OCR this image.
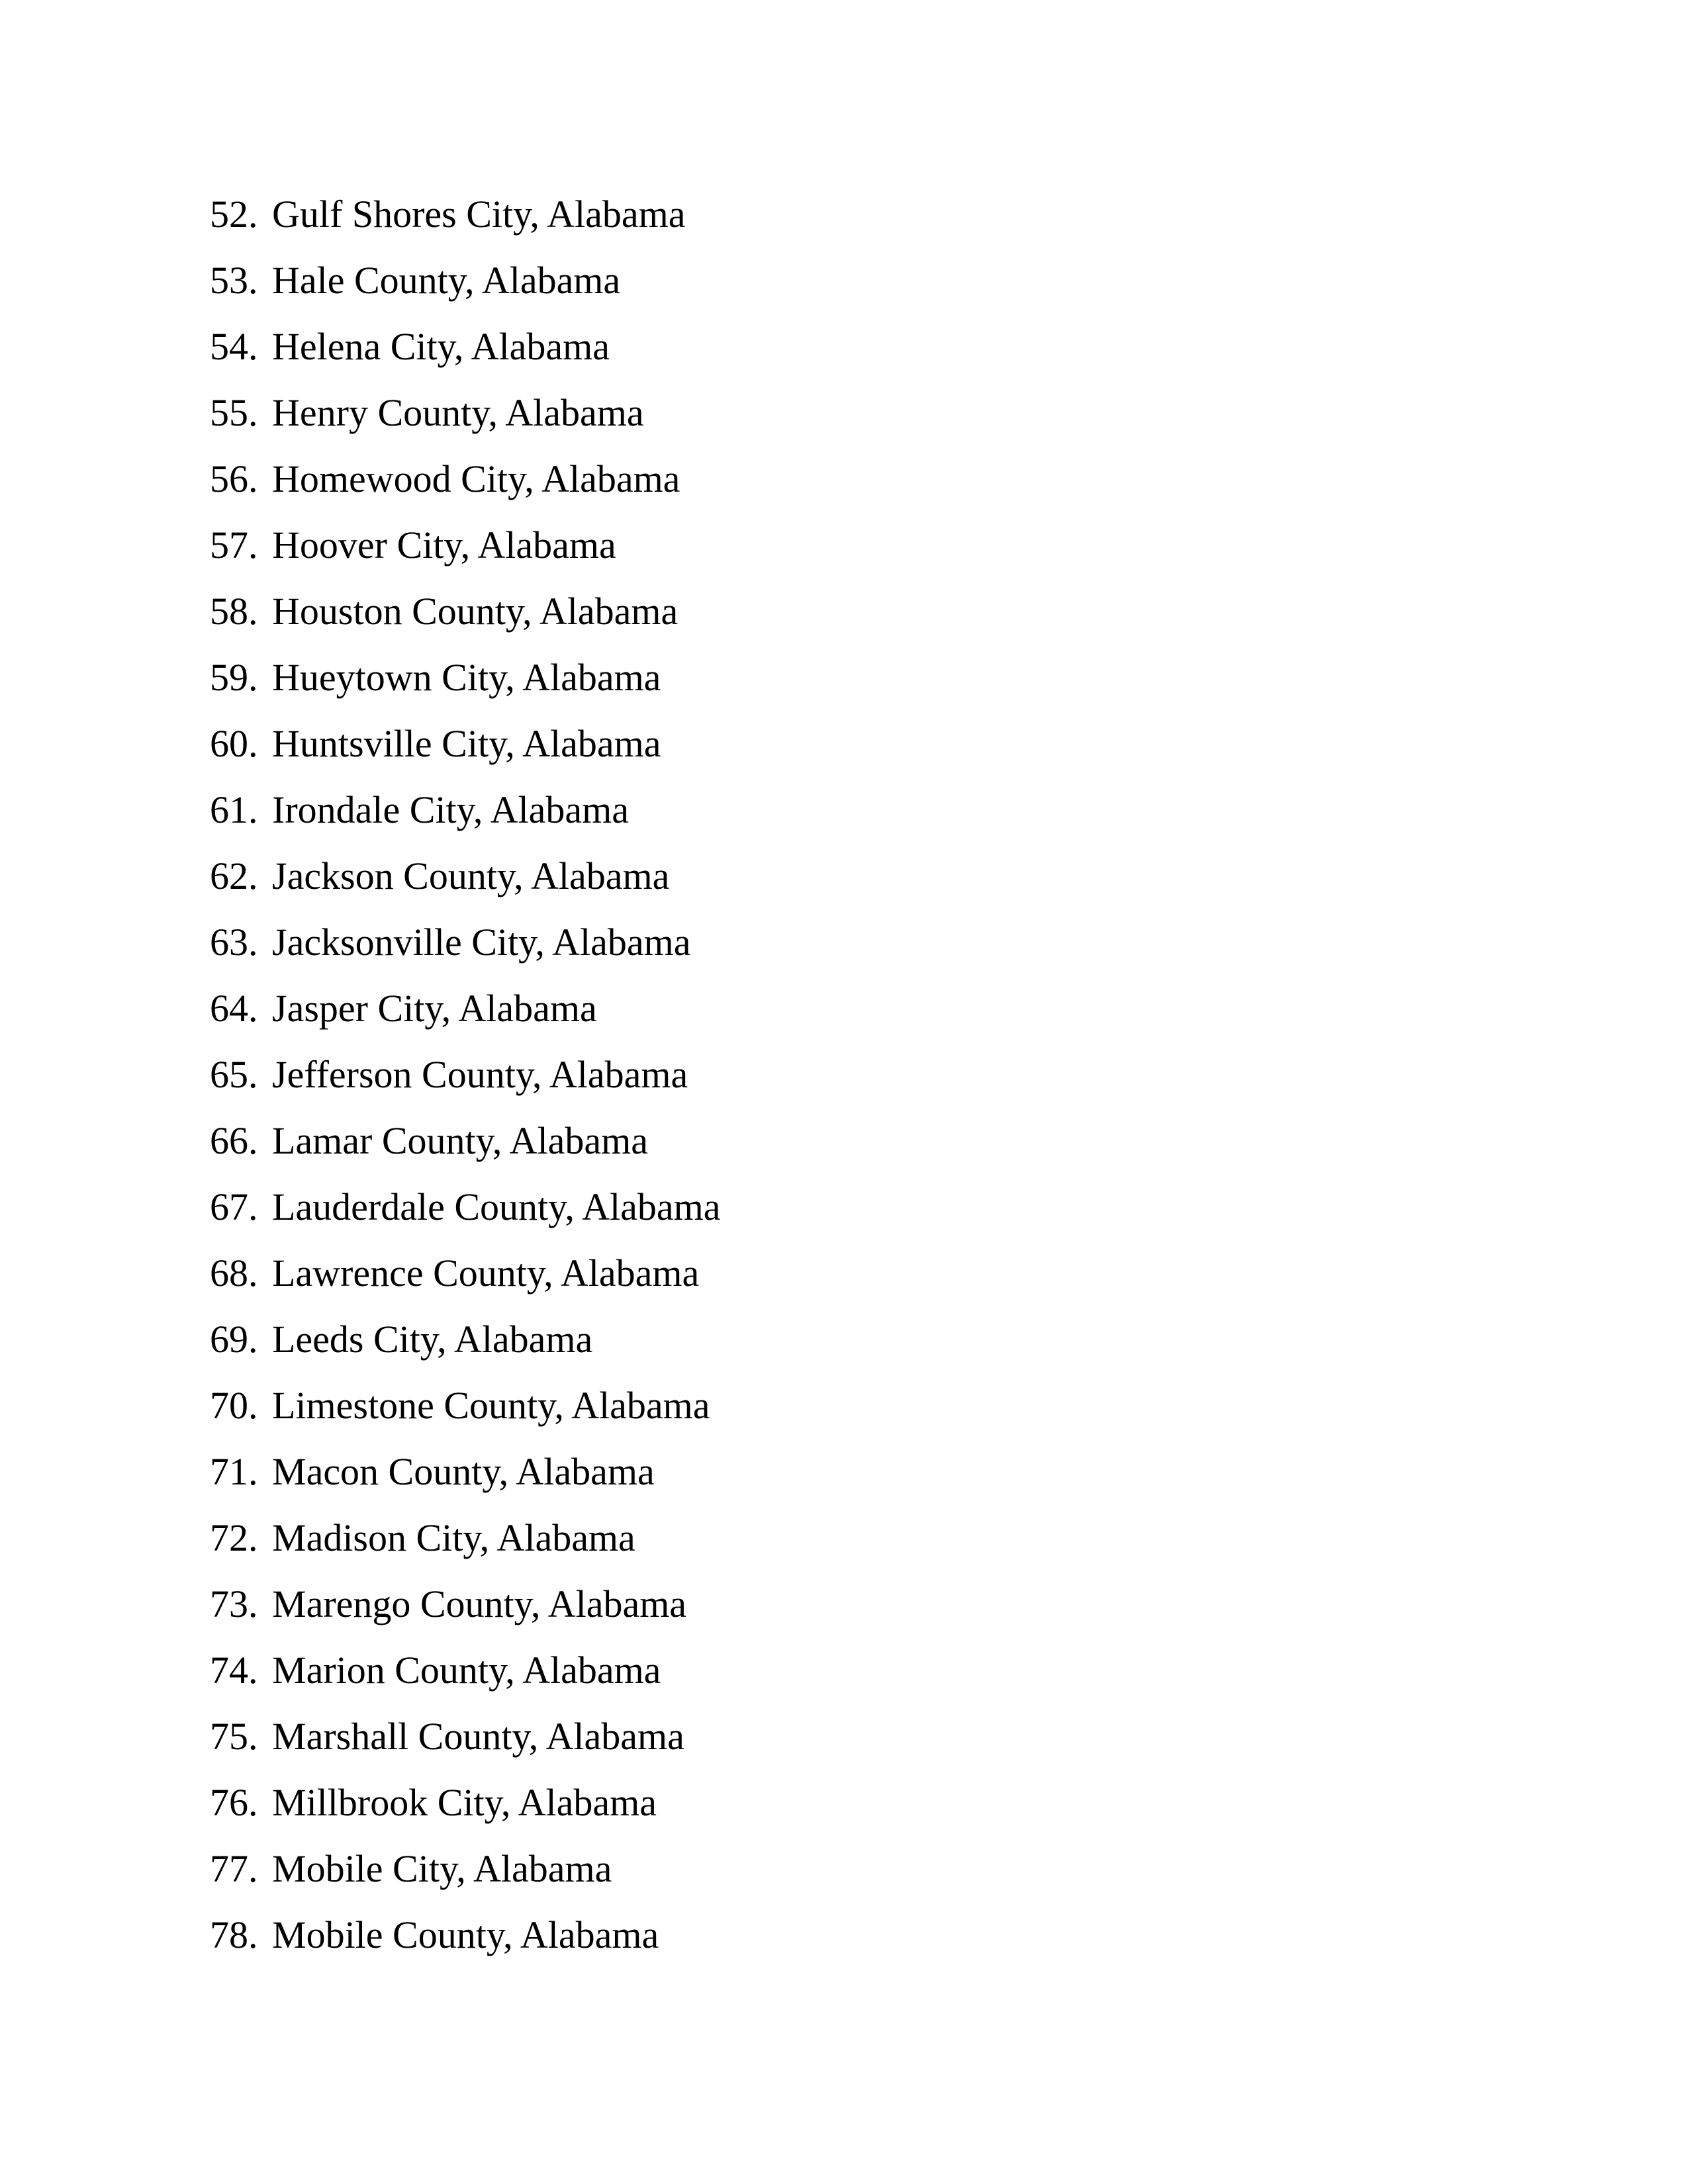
52. Gulf Shores City, Alabama
53. Hale County, Alabama
54. Helena City, Alabama
55. Henry County, Alabama
56. Homewood City, Alabama
57. Hoover City, Alabama
58. Houston County, Alabama
59. Hueytown City, Alabama
60. Huntsville City, Alabama
61. Irondale City, Alabama
62. Jackson County, Alabama
63. Jacksonville City, Alabama
64. Jasper City, Alabama
65. Jefferson County, Alabama
66. Lamar County, Alabama
67. Lauderdale County, Alabama
68. Lawrence County, Alabama
69. Leeds City, Alabama
70. Limestone County, Alabama
71. Macon County, Alabama
72. Madison City, Alabama
73. Marengo County, Alabama
74. Marion County, Alabama
75. Marshall County, Alabama
76. Millbrook City, Alabama
77. Mobile City, Alabama
78. Mobile County, Alabama
